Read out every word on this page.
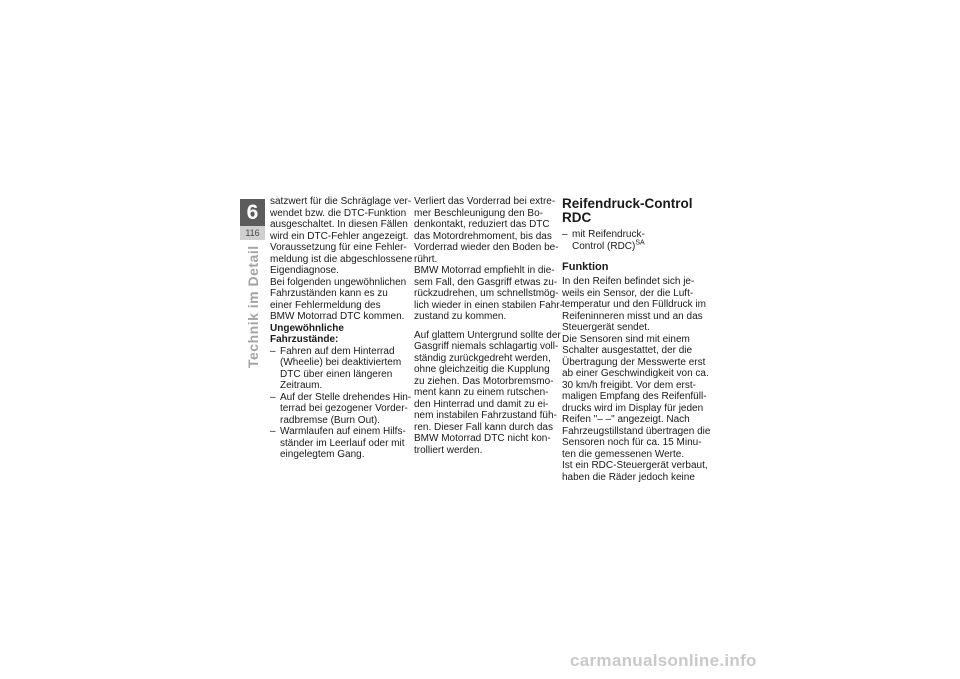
6
116
Technik im Detail
satzwert für die Schräglage ver-
wendet bzw. die DTC-Funktion
ausgeschaltet. In diesen Fällen
wird ein DTC-Fehler angezeigt.
Voraussetzung für eine Fehler-
meldung ist die abgeschlossene
Eigendiagnose.
Bei folgenden ungewöhnlichen
Fahrzuständen kann es zu
einer Fehlermeldung des
BMW Motorrad DTC kommen.
Ungewöhnliche
Fahrzustände:
– Fahren auf dem Hinterrad
(Wheelie) bei deaktiviertem
DTC über einen längeren
Zeitraum.
– Auf der Stelle drehendes Hin-
terrad bei gezogener Vorder-
radbremse (Burn Out).
– Warmlaufen auf einem Hilfs-
ständer im Leerlauf oder mit
eingelegtem Gang.
Verliert das Vorderrad bei extre-
mer Beschleunigung den Bo-
denkontakt, reduziert das DTC
das Motordrehmoment, bis das
Vorderrad wieder den Boden be-
rührt.
BMW Motorrad empfiehlt in die-
sem Fall, den Gasgriff etwas zu-
rückzudrehen, um schnellstmög-
lich wieder in einen stabilen Fahr-
zustand zu kommen.
Auf glattem Untergrund sollte der
Gasgriff niemals schlagartig voll-
ständig zurückgedreht werden,
ohne gleichzeitig die Kupplung
zu ziehen. Das Motorbremsmo-
ment kann zu einem rutschen-
den Hinterrad und damit zu ei-
nem instabilen Fahrzustand füh-
ren. Dieser Fall kann durch das
BMW Motorrad DTC nicht kon-
trolliert werden.
Reifendruck-Control
RDC
– mit Reifendruck-
Control (RDC)$^{SA}$
Funktion
In den Reifen befindet sich je-
weils ein Sensor, der die Luft-
temperatur und den Fülldruck im
Reifeninneren misst und an das
Steuergerät sendet.
Die Sensoren sind mit einem
Schalter ausgestattet, der die
Übertragung der Messwerte erst
ab einer Geschwindigkeit von ca.
30 km/h freigibt. Vor dem erst-
maligen Empfang des Reifenfüll-
drucks wird im Display für jeden
Reifen "– –" angezeigt. Nach
Fahrzeugstillstand übertragen die
Sensoren noch für ca. 15 Minu-
ten die gemessenen Werte.
Ist ein RDC-Steuergerät verbaut,
haben die Räder jedoch keine
carmanualsonline.info
